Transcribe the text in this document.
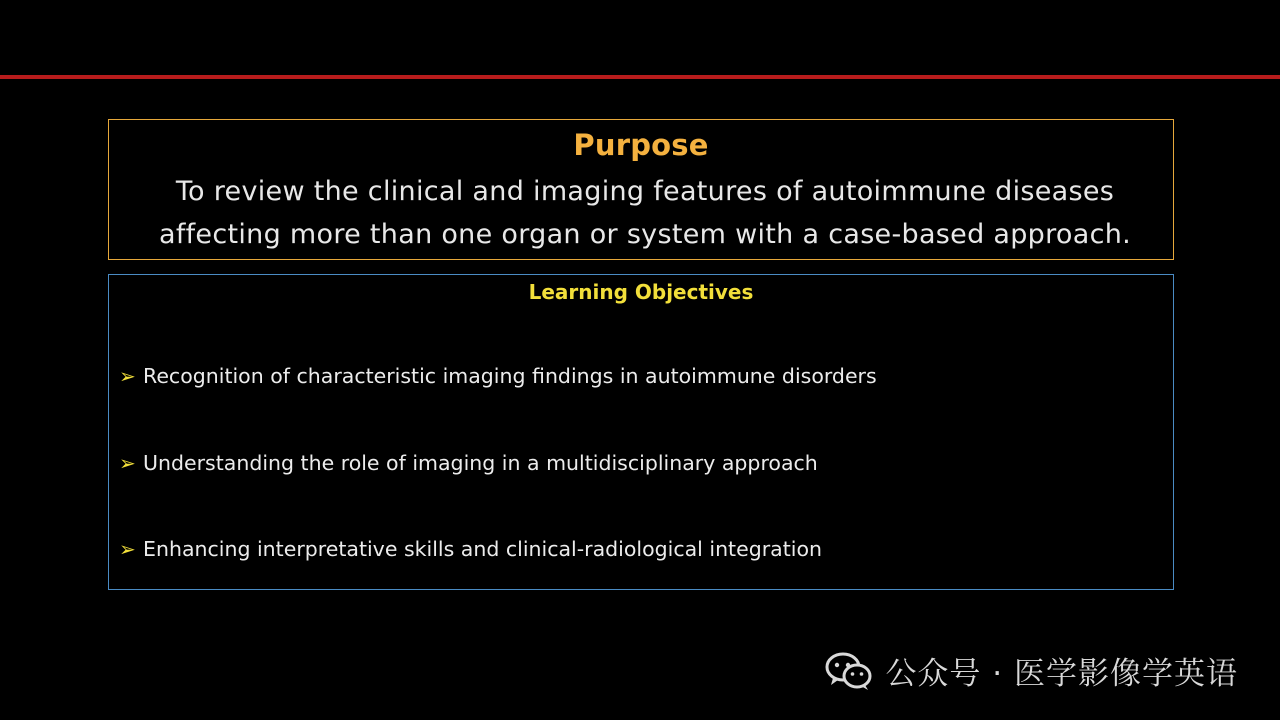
Purpose
To review the clinical and imaging features of autoimmune diseases
affecting more than one organ or system with a case-based approach.
Learning Objectives
➢ Recognition of characteristic imaging findings in autoimmune disorders
➢ Understanding the role of imaging in a multidisciplinary approach
➢ Enhancing interpretative skills and clinical-radiological integration
公众号 · 医学影像学英语
